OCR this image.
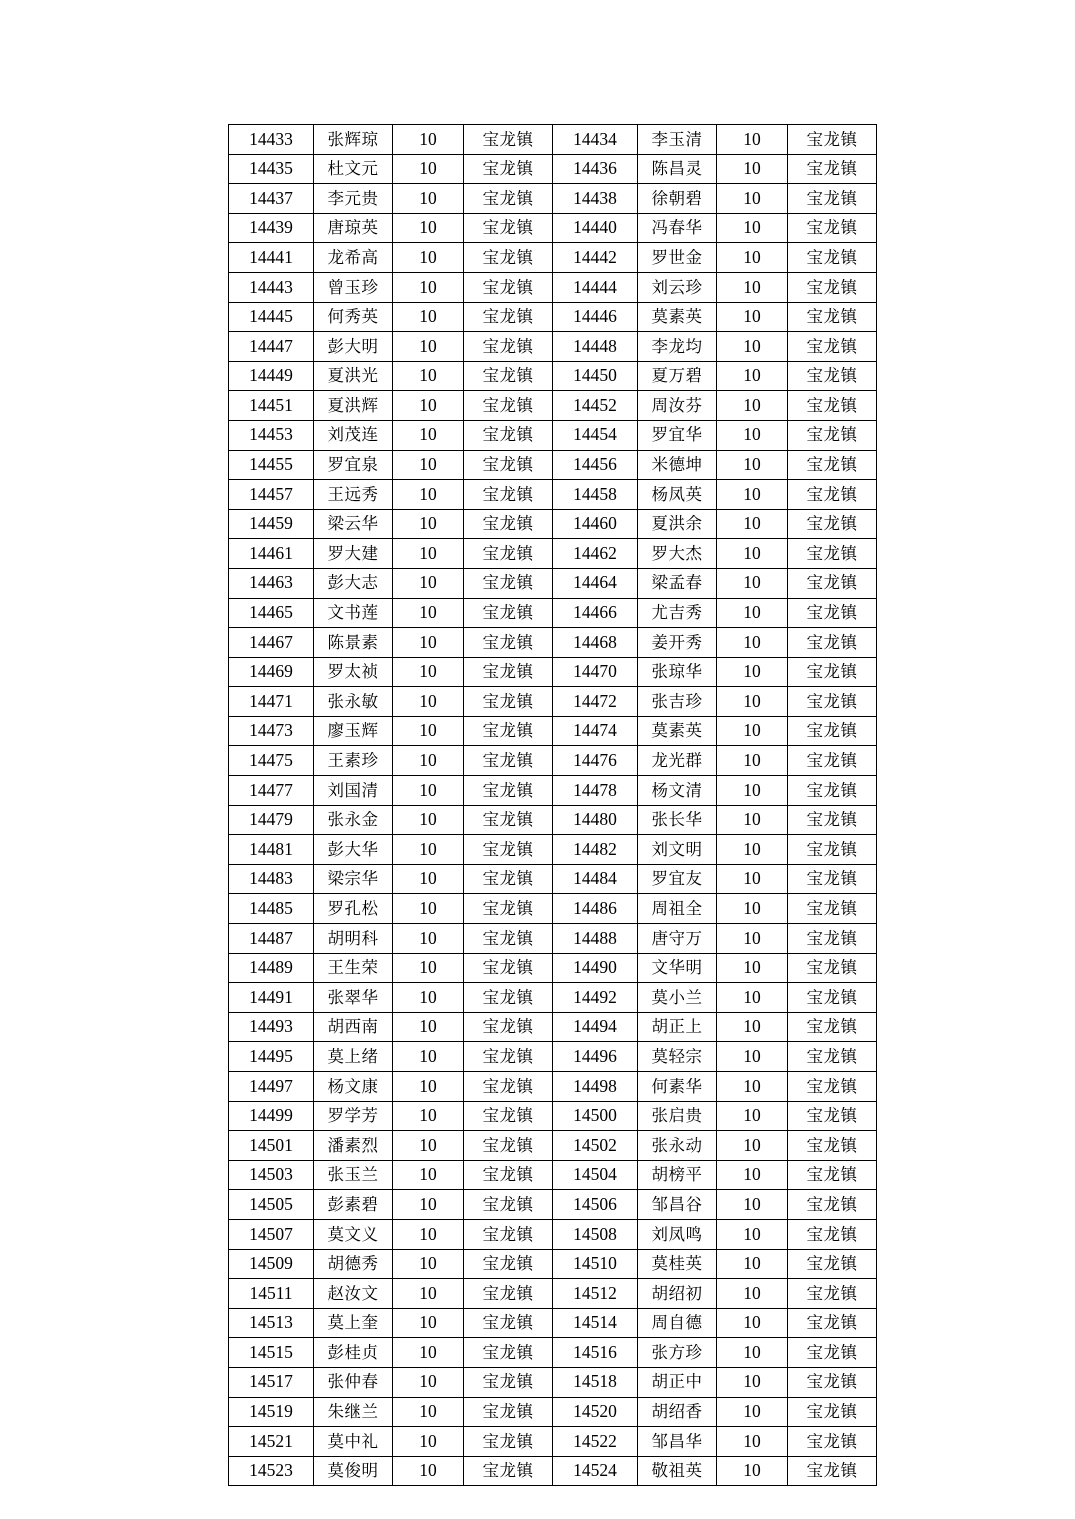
14433	张辉琼	10	宝龙镇	14434	李玉清	10	宝龙镇
14435	杜文元	10	宝龙镇	14436	陈昌灵	10	宝龙镇
14437	李元贵	10	宝龙镇	14438	徐朝碧	10	宝龙镇
14439	唐琼英	10	宝龙镇	14440	冯春华	10	宝龙镇
14441	龙希高	10	宝龙镇	14442	罗世金	10	宝龙镇
14443	曾玉珍	10	宝龙镇	14444	刘云珍	10	宝龙镇
14445	何秀英	10	宝龙镇	14446	莫素英	10	宝龙镇
14447	彭大明	10	宝龙镇	14448	李龙均	10	宝龙镇
14449	夏洪光	10	宝龙镇	14450	夏万碧	10	宝龙镇
14451	夏洪辉	10	宝龙镇	14452	周汝芬	10	宝龙镇
14453	刘茂连	10	宝龙镇	14454	罗宜华	10	宝龙镇
14455	罗宜泉	10	宝龙镇	14456	米德坤	10	宝龙镇
14457	王远秀	10	宝龙镇	14458	杨凤英	10	宝龙镇
14459	梁云华	10	宝龙镇	14460	夏洪余	10	宝龙镇
14461	罗大建	10	宝龙镇	14462	罗大杰	10	宝龙镇
14463	彭大志	10	宝龙镇	14464	梁孟春	10	宝龙镇
14465	文书莲	10	宝龙镇	14466	尤吉秀	10	宝龙镇
14467	陈景素	10	宝龙镇	14468	姜开秀	10	宝龙镇
14469	罗太祯	10	宝龙镇	14470	张琼华	10	宝龙镇
14471	张永敏	10	宝龙镇	14472	张吉珍	10	宝龙镇
14473	廖玉辉	10	宝龙镇	14474	莫素英	10	宝龙镇
14475	王素珍	10	宝龙镇	14476	龙光群	10	宝龙镇
14477	刘国清	10	宝龙镇	14478	杨文清	10	宝龙镇
14479	张永金	10	宝龙镇	14480	张长华	10	宝龙镇
14481	彭大华	10	宝龙镇	14482	刘文明	10	宝龙镇
14483	梁宗华	10	宝龙镇	14484	罗宜友	10	宝龙镇
14485	罗孔松	10	宝龙镇	14486	周祖全	10	宝龙镇
14487	胡明科	10	宝龙镇	14488	唐守万	10	宝龙镇
14489	王生荣	10	宝龙镇	14490	文华明	10	宝龙镇
14491	张翠华	10	宝龙镇	14492	莫小兰	10	宝龙镇
14493	胡西南	10	宝龙镇	14494	胡正上	10	宝龙镇
14495	莫上绪	10	宝龙镇	14496	莫轻宗	10	宝龙镇
14497	杨文康	10	宝龙镇	14498	何素华	10	宝龙镇
14499	罗学芳	10	宝龙镇	14500	张启贵	10	宝龙镇
14501	潘素烈	10	宝龙镇	14502	张永动	10	宝龙镇
14503	张玉兰	10	宝龙镇	14504	胡榜平	10	宝龙镇
14505	彭素碧	10	宝龙镇	14506	邹昌谷	10	宝龙镇
14507	莫文义	10	宝龙镇	14508	刘凤鸣	10	宝龙镇
14509	胡德秀	10	宝龙镇	14510	莫桂英	10	宝龙镇
14511	赵汝文	10	宝龙镇	14512	胡绍初	10	宝龙镇
14513	莫上奎	10	宝龙镇	14514	周自德	10	宝龙镇
14515	彭桂贞	10	宝龙镇	14516	张方珍	10	宝龙镇
14517	张仲春	10	宝龙镇	14518	胡正中	10	宝龙镇
14519	朱继兰	10	宝龙镇	14520	胡绍香	10	宝龙镇
14521	莫中礼	10	宝龙镇	14522	邹昌华	10	宝龙镇
14523	莫俊明	10	宝龙镇	14524	敬祖英	10	宝龙镇
